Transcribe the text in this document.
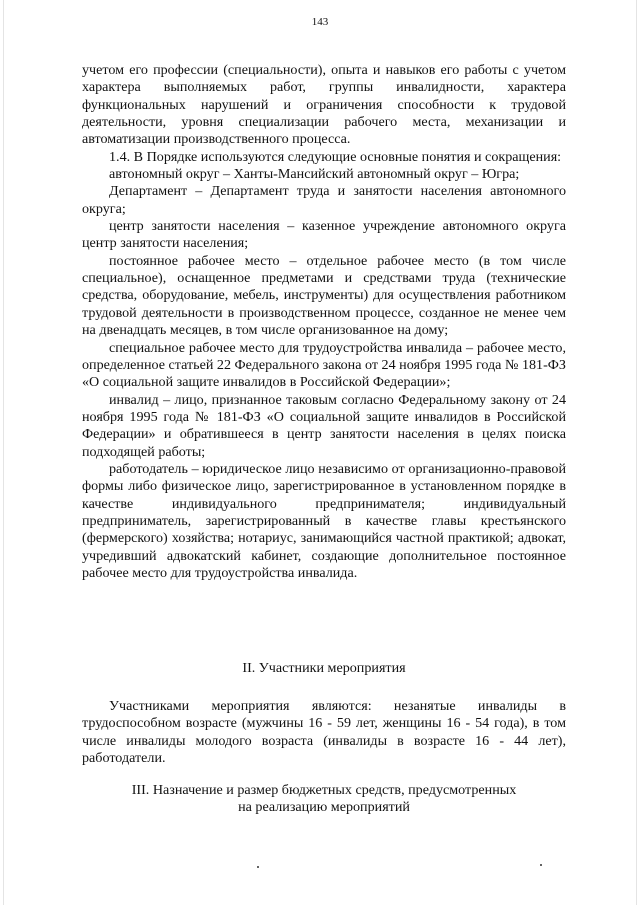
143

учетом его профессии (специальности), опыта и навыков его работы с учетом характера выполняемых работ, группы инвалидности, характера функциональных нарушений и ограничения способности к трудовой деятельности, уровня специализации рабочего места, механизации и автоматизации производственного процесса.

1.4. В Порядке используются следующие основные понятия и сокращения:

автономный округ – Ханты-Мансийский автономный округ – Югра;

Департамент – Департамент труда и занятости населения автономного округа;

центр занятости населения – казенное учреждение автономного округа центр занятости населения;

постоянное рабочее место – отдельное рабочее место (в том числе специальное), оснащенное предметами и средствами труда (технические средства, оборудование, мебель, инструменты) для осуществления работником трудовой деятельности в производственном процессе, созданное не менее чем на двенадцать месяцев, в том числе организованное на дому;

специальное рабочее место для трудоустройства инвалида – рабочее место, определенное статьей 22 Федерального закона от 24 ноября 1995 года № 181-ФЗ «О социальной защите инвалидов в Российской Федерации»;

инвалид – лицо, признанное таковым согласно Федеральному закону от 24 ноября 1995 года № 181-ФЗ «О социальной защите инвалидов в Российской Федерации» и обратившееся в центр занятости населения в целях поиска подходящей работы;

работодатель – юридическое лицо независимо от организационно-правовой формы либо физическое лицо, зарегистрированное в установленном порядке в качестве индивидуального предпринимателя; индивидуальный предприниматель, зарегистрированный в качестве главы крестьянского (фермерского) хозяйства; нотариус, занимающийся частной практикой; адвокат, учредивший адвокатский кабинет, создающие дополнительное постоянное рабочее место для трудоустройства инвалида.

II. Участники мероприятия

Участниками мероприятия являются: незанятые инвалиды в трудоспособном возрасте (мужчины 16 - 59 лет, женщины 16 - 54 года), в том числе инвалиды молодого возраста (инвалиды в возрасте 16 - 44 лет), работодатели.

III. Назначение и размер бюджетных средств, предусмотренных

на реализацию мероприятий
